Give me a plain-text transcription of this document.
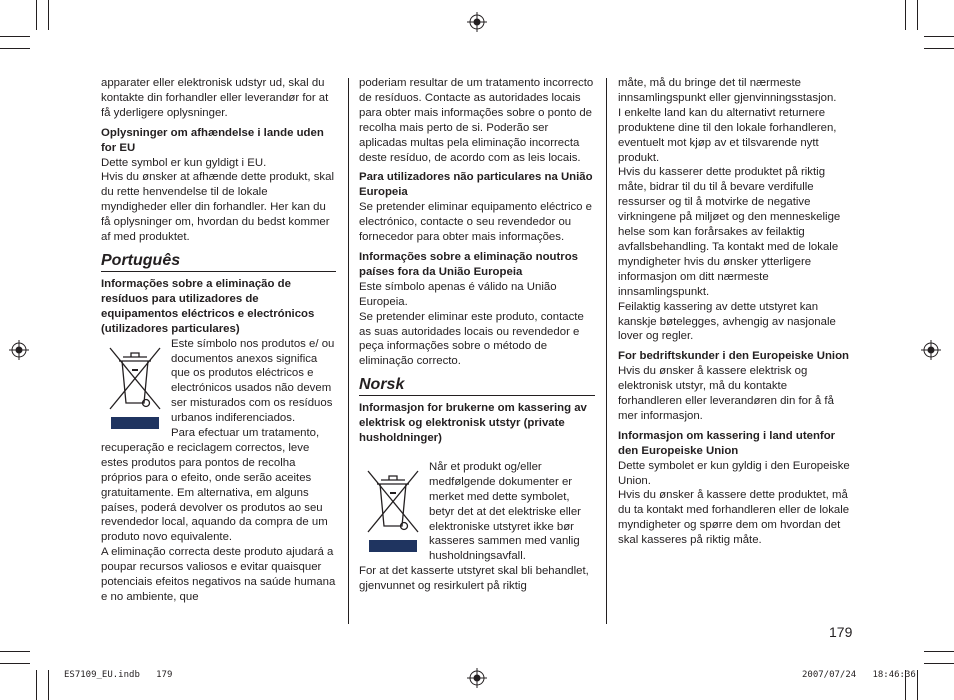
apparater eller elektronisk udstyr ud, skal du kontakte din forhandler eller leverandør for at få yderligere oplysninger.

Oplysninger om afhændelse i lande uden for EU

Dette symbol er kun gyldigt i EU.

Hvis du ønsker at afhænde dette produkt, skal du rette henvendelse til de lokale myndigheder eller din forhandler. Her kan du få oplysninger om, hvordan du bedst kommer af med produktet.

Português

Informações sobre a eliminação de resíduos para utilizadores de equipamentos eléctricos e electrónicos (utilizadores particulares)

Este símbolo nos produtos e/ ou documentos anexos significa que os produtos eléctricos e electrónicos usados não devem ser misturados com os resíduos urbanos indiferenciados.

Para efectuar um tratamento, recuperação e reciclagem correctos, leve estes produtos para pontos de recolha próprios para o efeito, onde serão aceites gratuitamente. Em alternativa, em alguns países, poderá devolver os produtos ao seu revendedor local, aquando da compra de um produto novo equivalente.

A eliminação correcta deste produto ajudará a poupar recursos valiosos e evitar quaisquer potenciais efeitos negativos na saúde humana e no ambiente, que

poderiam resultar de um tratamento incorrecto de resíduos. Contacte as autoridades locais para obter mais informações sobre o ponto de recolha mais perto de si. Poderão ser aplicadas multas pela eliminação incorrecta deste resíduo, de acordo com as leis locais.

Para utilizadores não particulares na União Europeia

Se pretender eliminar equipamento eléctrico e electrónico, contacte o seu revendedor ou fornecedor para obter mais informações.

Informações sobre a eliminação noutros países fora da União Europeia

Este símbolo apenas é válido na União Europeia.

Se pretender eliminar este produto, contacte as suas autoridades locais ou revendedor e peça informações sobre o método de eliminação correcto.

Norsk

Informasjon for brukerne om kassering av elektrisk og elektronisk utstyr (private husholdninger)

Når et produkt og/eller medfølgende dokumenter er merket med dette symbolet, betyr det at det elektriske eller elektroniske utstyret ikke bør kasseres sammen med vanlig husholdningsavfall.

For at det kasserte utstyret skal bli behandlet, gjenvunnet og resirkulert på riktig

måte, må du bringe det til nærmeste innsamlingspunkt eller gjenvinningsstasjon.

I enkelte land kan du alternativt returnere produktene dine til den lokale forhandleren, eventuelt mot kjøp av et tilsvarende nytt produkt.

Hvis du kasserer dette produktet på riktig måte, bidrar til du til å bevare verdifulle ressurser og til å motvirke de negative virkningene på miljøet og den menneskelige helse som kan forårsakes av feilaktig avfallsbehandling. Ta kontakt med de lokale myndigheter hvis du ønsker ytterligere informasjon om ditt nærmeste innsamlingspunkt.

Feilaktig kassering av dette utstyret kan kanskje bøtelegges, avhengig av nasjonale lover og regler.

For bedriftskunder i den Europeiske Union

Hvis du ønsker å kassere elektrisk og elektronisk utstyr, må du kontakte forhandleren eller leverandøren din for å få mer informasjon.

Informasjon om kassering i land utenfor den Europeiske Union

Dette symbolet er kun gyldig i den Europeiske Union.

Hvis du ønsker å kassere dette produktet, må du ta kontakt med forhandleren eller de lokale myndigheter og spørre dem om hvordan det skal kasseres på riktig måte.

179
ES7109_EU.indb   179	2007/07/24   18:46:36
